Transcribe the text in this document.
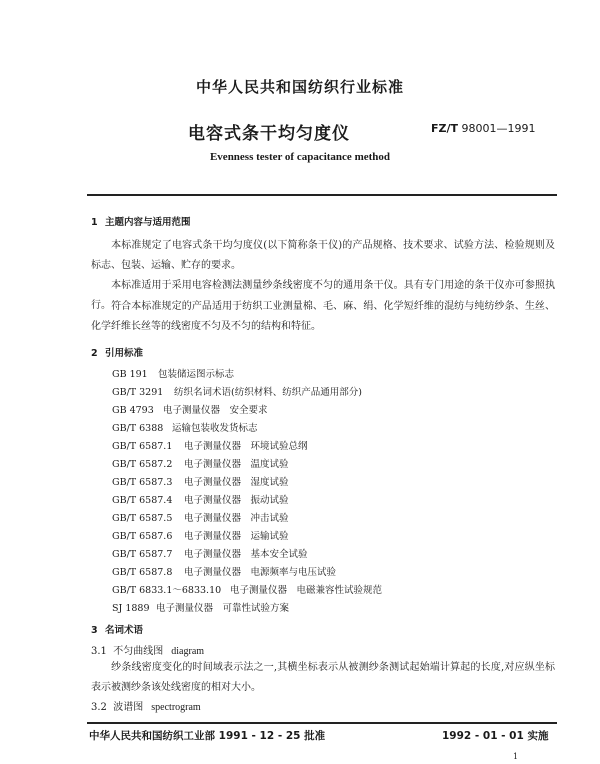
中华人民共和国纺织行业标准
电容式条干均匀度仪	FZ/T 98001—1991
Evenness tester of capacitance method
1 主题内容与适用范围
本标准规定了电容式条干均匀度仪(以下简称条干仪)的产品规格、技术要求、试验方法、检验规则及标志、包装、运输、贮存的要求。
本标准适用于采用电容检测法测量纱条线密度不匀的通用条干仪。具有专门用途的条干仪亦可参照执行。 符合本标准规定的产品适用于纺织工业测量棉、毛、麻、绢、化学短纤维的混纺与纯纺纱条、生丝、化学纤维长丝等的线密度不匀及不匀的结构和特征。
2 引用标准
GB 191 包装储运图示标志
GB/T 3291 纺织名词术语(纺织材料、纺织产品通用部分)
GB 4793 电子测量仪器　安全要求
GB/T 6388 运输包装收发货标志
GB/T 6587.1 电子测量仪器　环境试验总纲
GB/T 6587.2 电子测量仪器　温度试验
GB/T 6587.3 电子测量仪器　湿度试验
GB/T 6587.4 电子测量仪器　振动试验
GB/T 6587.5 电子测量仪器　冲击试验
GB/T 6587.6 电子测量仪器　运输试验
GB/T 6587.7 电子测量仪器　基本安全试验
GB/T 6587.8 电子测量仪器　电源频率与电压试验
GB/T 6833.1～6833.10 电子测量仪器　电磁兼容性试验规范
SJ 1889 电子测量仪器　可靠性试验方案
3 名词术语
3.1 不匀曲线图 diagram
纱条线密度变化的时间域表示法之一,其横坐标表示从被测纱条测试起始端计算起的长度,对应纵坐标表示被测纱条该处线密度的相对大小。
3.2 波谱图 spectrogram
中华人民共和国纺织工业部 1991 - 12 - 25 批准	1992 - 01 - 01 实施
1
